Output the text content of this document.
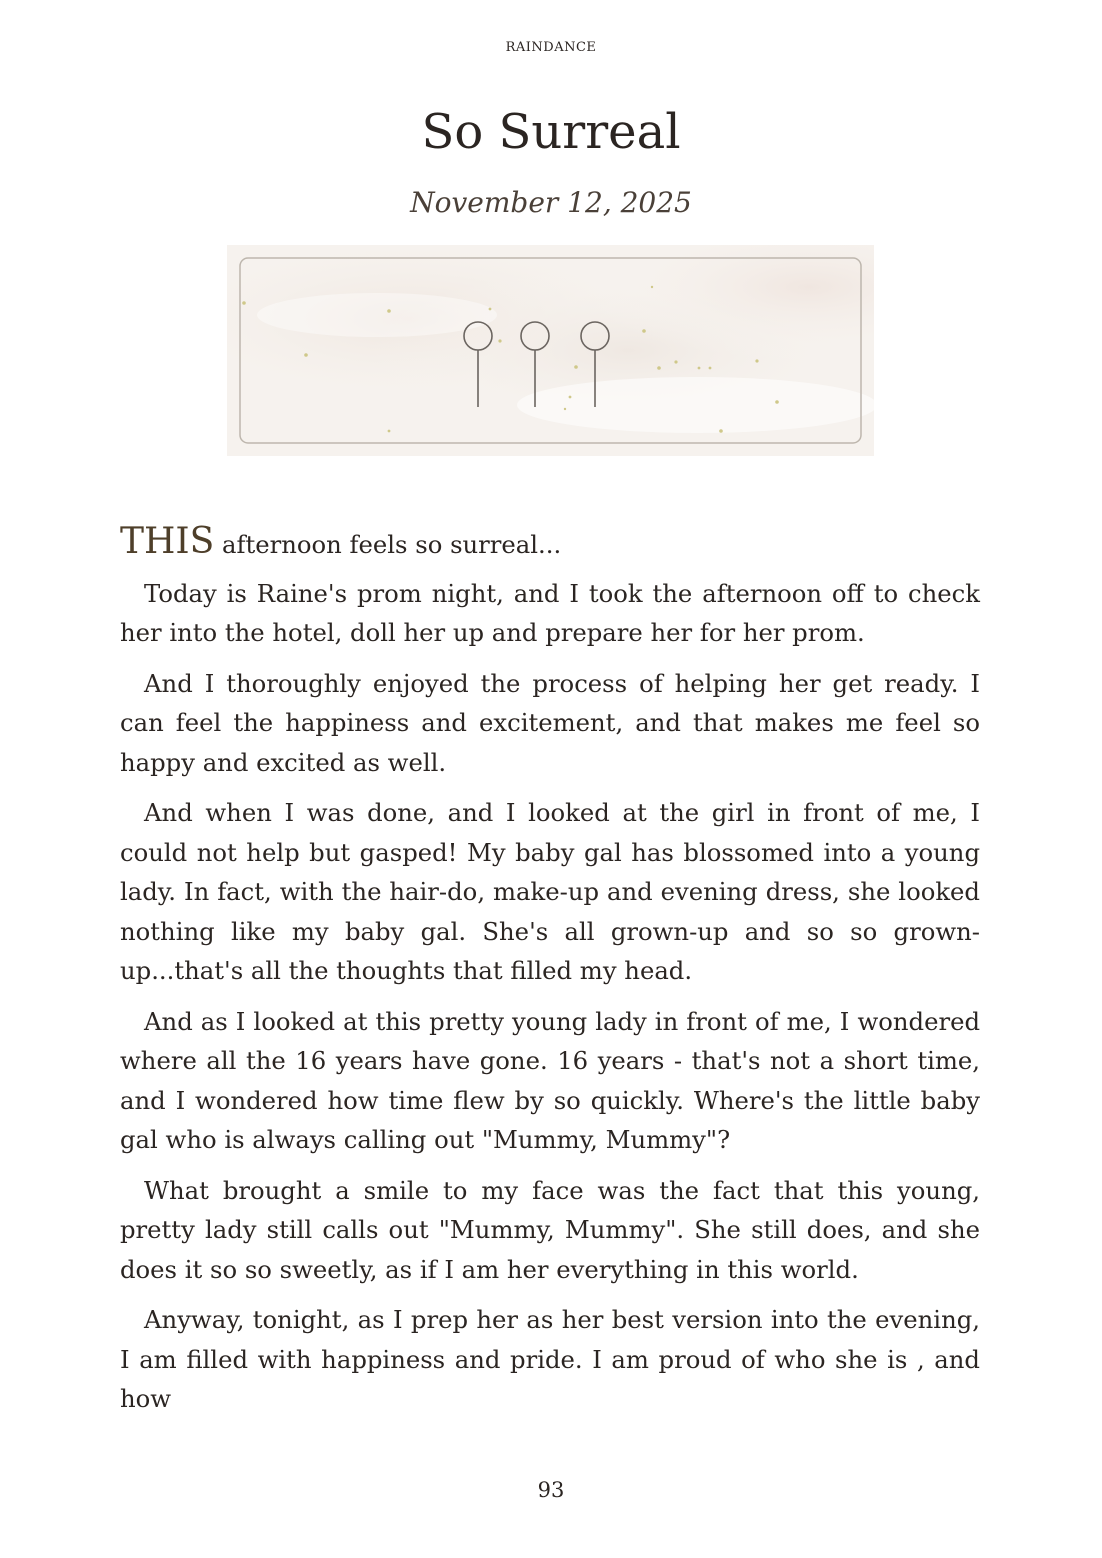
RAINDANCE
So Surreal
November 12, 2025

THIS afternoon feels so surreal...

Today is Raine's prom night, and I took the afternoon off to check her into the hotel, doll her up and prepare her for her prom.

And I thoroughly enjoyed the process of helping her get ready. I can feel the happiness and excitement, and that makes me feel so happy and excited as well.

And when I was done, and I looked at the girl in front of me, I could not help but gasped! My baby gal has blossomed into a young lady. In fact, with the hair-do, make-up and evening dress, she looked nothing like my baby gal. She's all grown-up and so so grown-up...that's all the thoughts that filled my head.

And as I looked at this pretty young lady in front of me, I wondered where all the 16 years have gone. 16 years - that's not a short time, and I wondered how time flew by so quickly. Where's the little baby gal who is always calling out "Mummy, Mummy"?

What brought a smile to my face was the fact that this young, pretty lady still calls out "Mummy, Mummy". She still does, and she does it so so sweetly, as if I am her everything in this world.

Anyway, tonight, as I prep her as her best version into the evening, I am filled with happiness and pride. I am proud of who she is , and how

93
